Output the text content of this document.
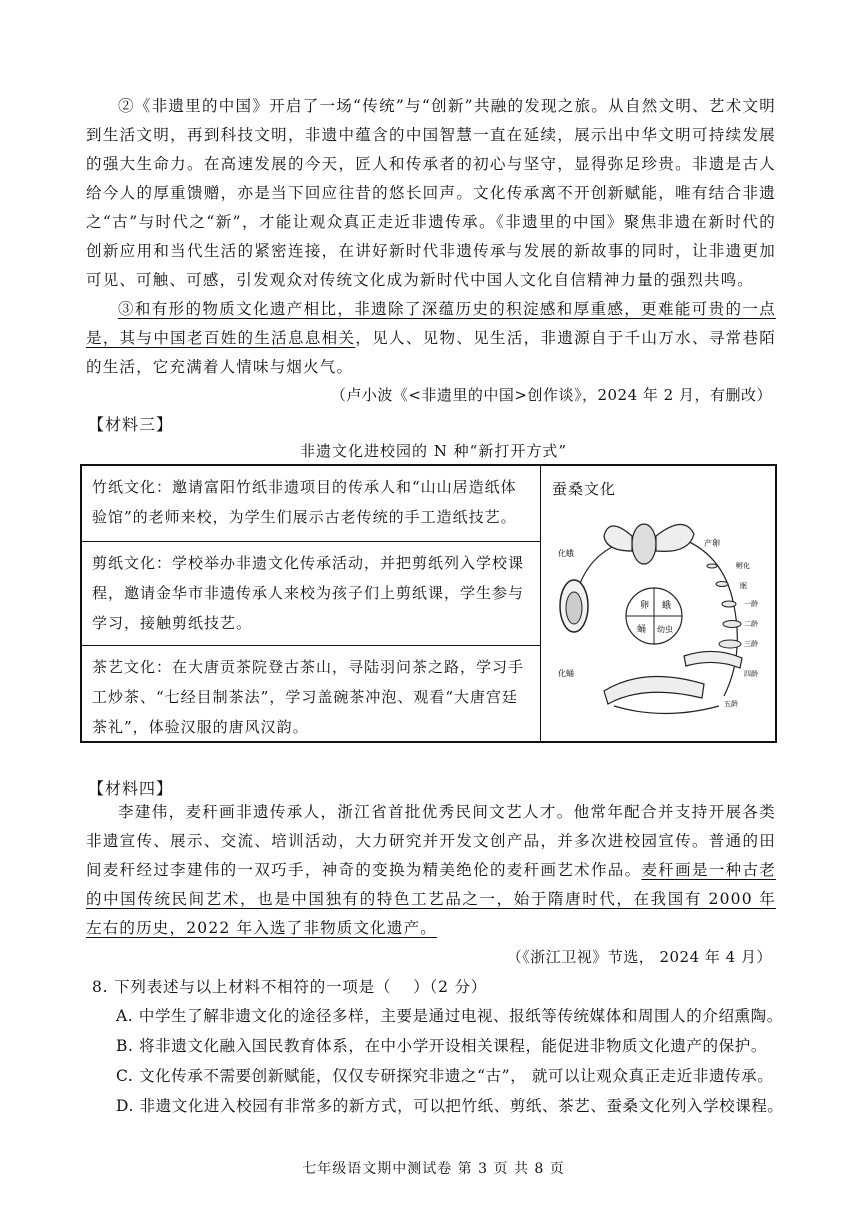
②《非遗里的中国》开启了一场“传统”与“创新”共融的发现之旅。从自然文明、艺术文明到生活文明，再到科技文明，非遗中蕴含的中国智慧一直在延续，展示出中华文明可持续发展的强大生命力。在高速发展的今天，匠人和传承者的初心与坚守，显得弥足珍贵。非遗是古人给今人的厚重馈赠，亦是当下回应往昔的悠长回声。文化传承离不开创新赋能，唯有结合非遗之“古”与时代之“新”，才能让观众真正走近非遗传承。《非遗里的中国》聚焦非遗在新时代的创新应用和当代生活的紧密连接，在讲好新时代非遗传承与发展的新故事的同时，让非遗更加可见、可触、可感，引发观众对传统文化成为新时代中国人文化自信精神力量的强烈共鸣。

③和有形的物质文化遗产相比，非遗除了深蕴历史的积淀感和厚重感，更难能可贵的一点是，其与中国老百姓的生活息息相关，见人、见物、见生活，非遗源自于千山万水、寻常巷陌的生活，它充满着人情味与烟火气。

（卢小波《<非遗里的中国>创作谈》，2024 年 2 月，有删改）
【材料三】
非遗文化进校园的 N 种“新打开方式”
竹纸文化：邀请富阳竹纸非遗项目的传承人和“山山居造纸体验馆”的老师来校，为学生们展示古老传统的手工造纸技艺。
剪纸文化：学校举办非遗文化传承活动，并把剪纸列入学校课程，邀请金华市非遗传承人来校为孩子们上剪纸课，学生参与学习，接触剪纸技艺。
茶艺文化：在大唐贡茶院登古茶山，寻陆羽问茶之路，学习手工炒茶、“七经目制茶法”，学习盖碗茶冲泡、观看“大唐宫廷茶礼”，体验汉服的唐风汉韵。
蚕桑文化
卵 蛾
蛹 幼虫
化蛾
化蛹
产卵
孵化
眠
一龄
二龄
三龄
四龄
五龄
【材料四】

李建伟，麦秆画非遗传承人，浙江省首批优秀民间文艺人才。他常年配合并支持开展各类非遗宣传、展示、交流、培训活动，大力研究并开发文创产品，并多次进校园宣传。普通的田间麦秆经过李建伟的一双巧手，神奇的变换为精美绝伦的麦秆画艺术作品。麦秆画是一种古老的中国传统民间艺术，也是中国独有的特色工艺品之一，始于隋唐时代，在我国有 2000 年左右的历史，2022 年入选了非物质文化遗产。

（《浙江卫视》节选， 2024 年 4 月）
8. 下列表述与以上材料不相符的一项是（　 ）（2 分）
A. 中学生了解非遗文化的途径多样，主要是通过电视、报纸等传统媒体和周围人的介绍熏陶。
B. 将非遗文化融入国民教育体系，在中小学开设相关课程，能促进非物质文化遗产的保护。
C. 文化传承不需要创新赋能，仅仅专研探究非遗之“古”， 就可以让观众真正走近非遗传承。
D. 非遗文化进入校园有非常多的新方式，可以把竹纸、剪纸、茶艺、蚕桑文化列入学校课程。
七年级语文期中测试卷 第 3 页 共 8 页
